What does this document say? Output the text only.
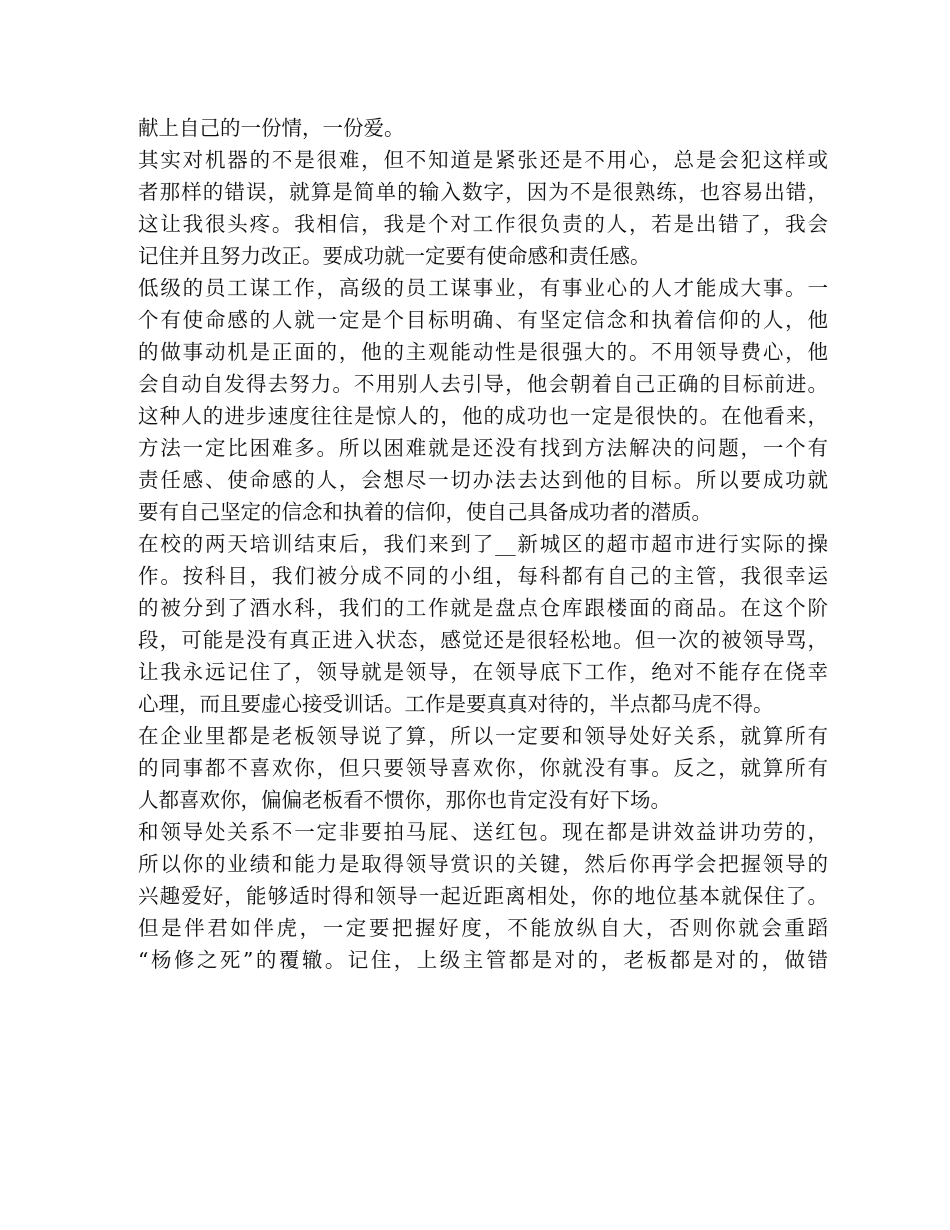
献上自己的一份情，一份爱。
其实对机器的不是很难，但不知道是紧张还是不用心，总是会犯这样或
者那样的错误，就算是简单的输入数字，因为不是很熟练，也容易出错，
这让我很头疼。我相信，我是个对工作很负责的人，若是出错了，我会
记住并且努力改正。要成功就一定要有使命感和责任感。
低级的员工谋工作，高级的员工谋事业，有事业心的人才能成大事。一
个有使命感的人就一定是个目标明确、有坚定信念和执着信仰的人，他
的做事动机是正面的，他的主观能动性是很强大的。不用领导费心，他
会自动自发得去努力。不用别人去引导，他会朝着自己正确的目标前进。
这种人的进步速度往往是惊人的，他的成功也一定是很快的。在他看来，
方法一定比困难多。所以困难就是还没有找到方法解决的问题，一个有
责任感、使命感的人，会想尽一切办法去达到他的目标。所以要成功就
要有自己坚定的信念和执着的信仰，使自己具备成功者的潜质。
在校的两天培训结束后，我们来到了__新城区的超市超市进行实际的操
作。按科目，我们被分成不同的小组，每科都有自己的主管，我很幸运
的被分到了酒水科，我们的工作就是盘点仓库跟楼面的商品。在这个阶
段，可能是没有真正进入状态，感觉还是很轻松地。但一次的被领导骂，
让我永远记住了，领导就是领导，在领导底下工作，绝对不能存在侥幸
心理，而且要虚心接受训话。工作是要真真对待的，半点都马虎不得。
在企业里都是老板领导说了算，所以一定要和领导处好关系，就算所有
的同事都不喜欢你，但只要领导喜欢你，你就没有事。反之，就算所有
人都喜欢你，偏偏老板看不惯你，那你也肯定没有好下场。
和领导处关系不一定非要拍马屁、送红包。现在都是讲效益讲功劳的，
所以你的业绩和能力是取得领导赏识的关键，然后你再学会把握领导的
兴趣爱好，能够适时得和领导一起近距离相处，你的地位基本就保住了。
但是伴君如伴虎，一定要把握好度，不能放纵自大，否则你就会重蹈
“杨修之死”的覆辙。记住，上级主管都是对的，老板都是对的，做错
